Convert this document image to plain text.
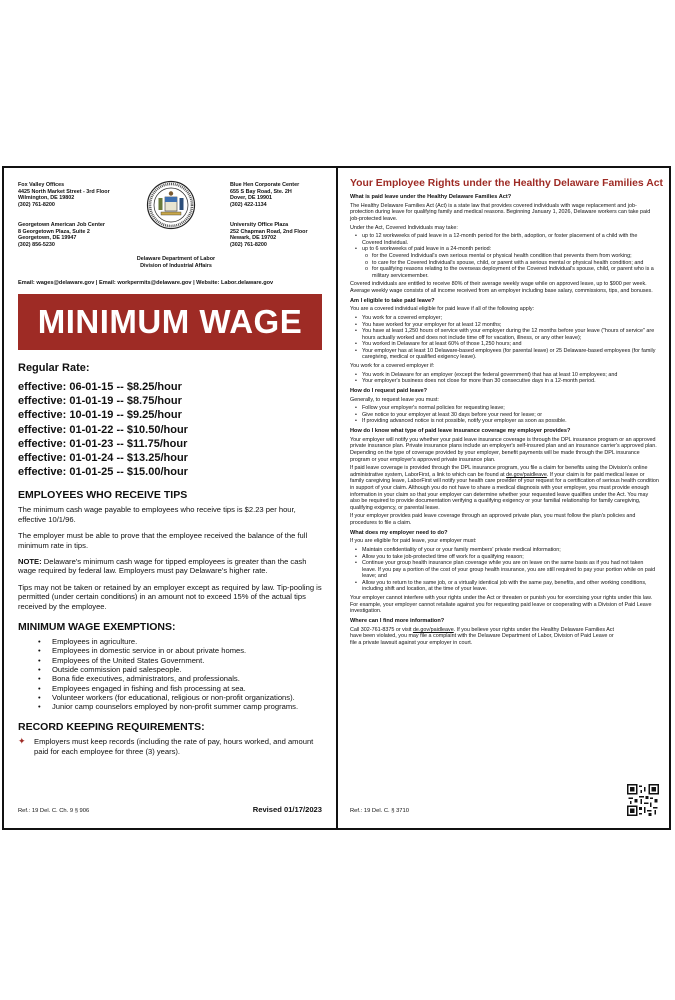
Fox Valley Offices
4425 North Market Street - 3rd Floor
Wilmington, DE 19802
(302) 761-8200
Georgetown American Job Center
8 Georgetown Plaza, Suite 2
Georgetown, DE 19947
(302) 856-5230
Blue Hen Corporate Center
655 S Bay Road, Ste. 2H
Dover, DE 19901
(302) 422-1134
University Office Plaza
252 Chapman Road, 2nd Floor
Newark, DE 19702
(302) 761-8200
Delaware Department of Labor
Division of Industrial Affairs
Email: wages@delaware.gov | Email: workpermits@delaware.gov | Website: Labor.delaware.gov
MINIMUM WAGE
Regular Rate:
effective: 06-01-15 -- $8.25/hour
effective: 01-01-19 -- $8.75/hour
effective: 10-01-19 -- $9.25/hour
effective: 01-01-22 -- $10.50/hour
effective: 01-01-23 -- $11.75/hour
effective: 01-01-24 -- $13.25/hour
effective: 01-01-25 -- $15.00/hour
EMPLOYEES WHO RECEIVE TIPS

The minimum cash wage payable to employees who receive tips is $2.23 per hour, effective 10/1/96.

The employer must be able to prove that the employee received the balance of the full minimum rate in tips.

NOTE: Delaware's minimum cash wage for tipped employees is greater than the cash wage required by federal law. Employers must pay Delaware's higher rate.

Tips may not be taken or retained by an employer except as required by law. Tip-pooling is permitted (under certain conditions) in an amount not to exceed 15% of the actual tips received by the employee.

MINIMUM WAGE EXEMPTIONS:
• Employees in agriculture.
• Employees in domestic service in or about private homes.
• Employees of the United States Government.
• Outside commission paid salespeople.
• Bona fide executives, administrators, and professionals.
• Employees engaged in fishing and fish processing at sea.
• Volunteer workers (for educational, religious or non-profit organizations).
• Junior camp counselors employed by non-profit summer camp programs.
RECORD KEEPING REQUIREMENTS:
✦ Employers must keep records (including the rate of pay, hours worked, and amount paid for each employee for three (3) years).
Ref.: 19 Del. C. Ch. 9 § 906	Revised 01/17/2023
Your Employee Rights under the Healthy Delaware Families Act
What is paid leave under the Healthy Delaware Families Act?

The Healthy Delaware Families Act (Act) is a state law that provides covered individuals with wage replacement and job-protection during leave for qualifying family and medical reasons. Beginning January 1, 2026, Delaware workers can take paid job-protected leave.

Under the Act, Covered Individuals may take:

• up to 12 workweeks of paid leave in a 12-month period for the birth, adoption, or foster placement of a child with the Covered Individual.
• up to 6 workweeks of paid leave in a 24-month period:
o for the Covered Individual's own serious mental or physical health condition that prevents them from working;
o to care for the Covered Individual's spouse, child, or parent with a serious mental or physical health condition; and
o for qualifying reasons relating to the overseas deployment of the Covered Individual's spouse, child, or parent who is a military servicemember.

Covered individuals are entitled to receive 80% of their average weekly wage while on approved leave, up to $900 per week. Average weekly wage consists of all income received from an employer including base salary, commissions, tips, and bonuses.

Am I eligible to take paid leave?

You are a covered individual eligible for paid leave if all of the following apply:

• You work for a covered employer;
• You have worked for your employer for at least 12 months;
• You have at least 1,250 hours of service with your employer during the 12 months before your leave ("hours of service" are hours actually worked and does not include time off for vacation, illness, or any other leave);
• You worked in Delaware for at least 60% of those 1,250 hours; and
• Your employer has at least 10 Delaware-based employees (for parental leave) or 25 Delaware-based employees (for family caregiving, medical or qualified exigency leave).

You work for a covered employer if:

• You work in Delaware for an employer (except the federal government) that has at least 10 employees; and
• Your employer's business does not close for more than 30 consecutive days in a 12-month period.
How do I request paid leave?

Generally, to request leave you must:

• Follow your employer's normal policies for requesting leave;
• Give notice to your employer at least 30 days before your need for leave; or
• If providing advanced notice is not possible, notify your employer as soon as possible.
How do I know what type of paid leave insurance coverage my employer provides?

Your employer will notify you whether your paid leave insurance coverage is through the DPL insurance program or an approved private insurance plan. Private insurance plans include an employer's self-insured plan and an insurance carrier's approved plan. Depending on the type of coverage provided by your employer, benefit payments will be made through the DPL insurance program or your employer's approved private insurance plan.

If paid leave coverage is provided through the DPL insurance program, you file a claim for benefits using the Division's online administrative system, LaborFirst, a link to which can be found at de.gov/paidleave. If your claim is for paid medical leave or family caregiving leave, LaborFirst will notify your health care provider of your request for a certification of serious health condition in support of your claim. Although you do not have to share a medical diagnosis with your employer, you must provide enough information in your claim so that your employer can determine whether your requested leave qualifies under the Act. You may also be required to provide documentation verifying a qualifying exigency or your familial relationship for family caregiving, qualifying exigency, or parental leave.

If your employer provides paid leave coverage through an approved private plan, you must follow the plan's policies and procedures to file a claim.

What does my employer need to do?

If you are eligible for paid leave, your employer must:

• Maintain confidentiality of your or your family members' private medical information;
• Allow you to take job-protected time off work for a qualifying reason;
• Continue your group health insurance plan coverage while you are on leave on the same basis as if you had not taken leave. If you pay a portion of the cost of your group health insurance, you are still required to pay your portion while on paid leave; and
• Allow you to return to the same job, or a virtually identical job with the same pay, benefits, and other working conditions, including shift and location, at the time of your leave.

Your employer cannot interfere with your rights under the Act or threaten or punish you for exercising your rights under this law. For example, your employer cannot retaliate against you for requesting paid leave or cooperating with a Division of Paid Leave investigation.

Where can I find more information?

Call 302-761-8375 or visit de.gov/paidleave. If you believe your rights under the Healthy Delaware Families Act have been violated, you may file a complaint with the Delaware Department of Labor, Division of Paid Leave or file a private lawsuit against your employer in court.

Ref.: 19 Del. C. § 3710
